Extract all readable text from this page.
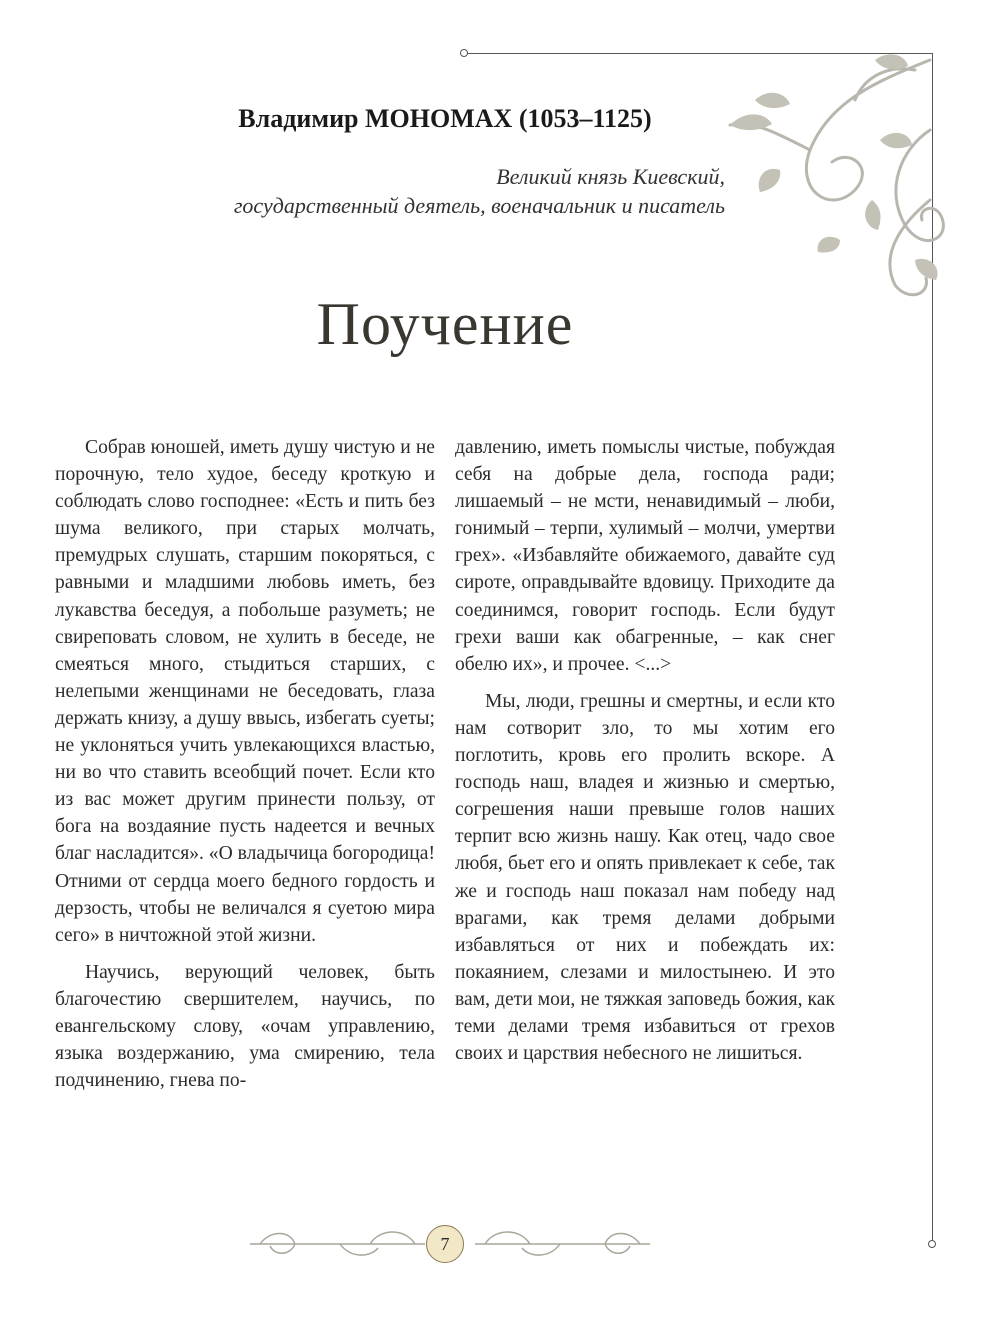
Владимир МОНОМАХ (1053–1125)
Великий князь Киевский,
государственный деятель, военачальник и писатель
Поучение

Собрав юношей, иметь душу чистую и не порочную, тело худое, беседу кроткую и соблюдать слово господнее: «Есть и пить без шума великого, при старых молчать, премудрых слушать, старшим покоряться, с равными и младшими любовь иметь, без лукавства беседуя, а побольше разуметь; не свиреповать словом, не хулить в беседе, не смеяться много, стыдиться старших, с нелепыми женщинами не беседовать, глаза держать книзу, а душу ввысь, избегать суеты; не уклоняться учить увлекающихся властью, ни во что ставить всеобщий почет. Если кто из вас может другим принести пользу, от бога на воздаяние пусть надеется и вечных благ насладится». «О владычица богородица! Отними от сердца моего бедного гордость и дерзость, чтобы не величался я суетою мира сего» в ничтожной этой жизни.

Научись, верующий человек, быть благочестию свершителем, научись, по евангельскому слову, «очам управлению, языка воздержанию, ума смирению, тела подчинению, гнева по-

давлению, иметь помыслы чистые, побуждая себя на добрые дела, господа ради; лишаемый – не мсти, ненавидимый – люби, гонимый – терпи, хулимый – молчи, умертви грех». «Избавляйте обижаемого, давайте суд сироте, оправдывайте вдовицу. Приходите да соединимся, говорит господь. Если будут грехи ваши как обагренные, – как снег обелю их», и прочее. <...>

Мы, люди, грешны и смертны, и если кто нам сотворит зло, то мы хотим его поглотить, кровь его пролить вскоре. А господь наш, владея и жизнью и смертью, согрешения наши превыше голов наших терпит всю жизнь нашу. Как отец, чадо свое любя, бьет его и опять привлекает к себе, так же и господь наш показал нам победу над врагами, как тремя делами добрыми избавляться от них и побеждать их: покаянием, слезами и милостынею. И это вам, дети мои, не тяжкая заповедь божия, как теми делами тремя избавиться от грехов своих и царствия небесного не лишиться.

7
